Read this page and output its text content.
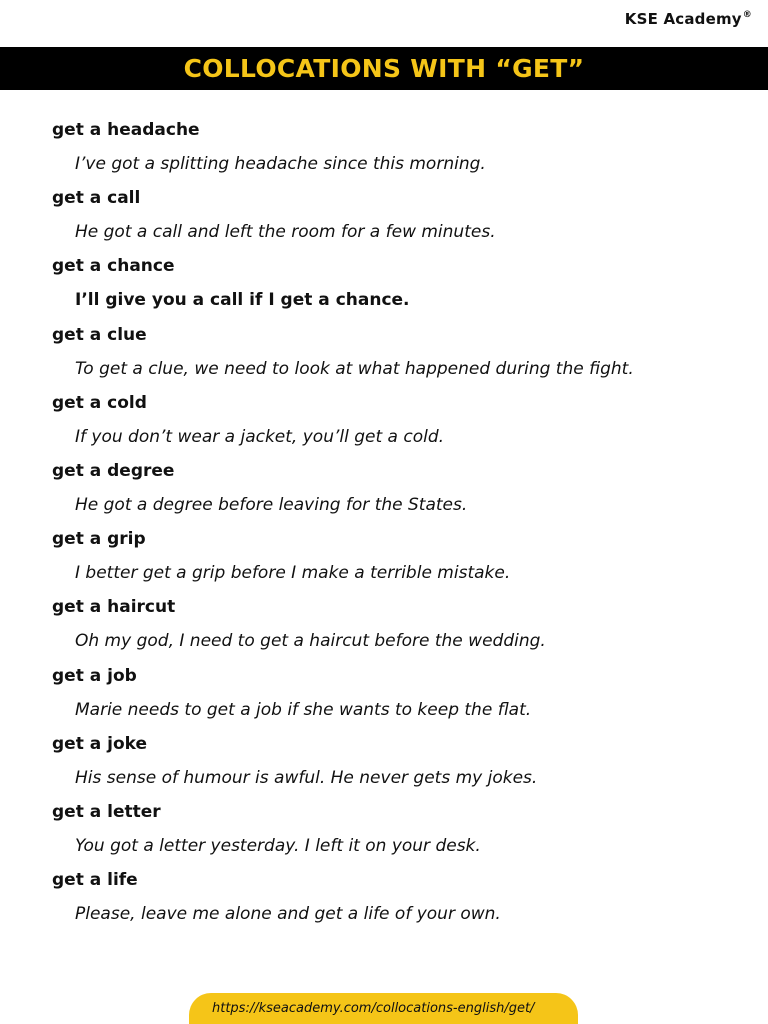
KSE Academy®
COLLOCATIONS WITH “GET”
get a headache
I’ve got a splitting headache since this morning.
get a call
He got a call and left the room for a few minutes.
get a chance
I’ll give you a call if I get a chance.
get a clue
To get a clue, we need to look at what happened during the fight.
get a cold
If you don’t wear a jacket, you’ll get a cold.
get a degree
He got a degree before leaving for the States.
get a grip
I better get a grip before I make a terrible mistake.
get a haircut
Oh my god, I need to get a haircut before the wedding.
get a job
Marie needs to get a job if she wants to keep the flat.
get a joke
His sense of humour is awful. He never gets my jokes.
get a letter
You got a letter yesterday. I left it on your desk.
get a life
Please, leave me alone and get a life of your own.
https://kseacademy.com/collocations-english/get/
